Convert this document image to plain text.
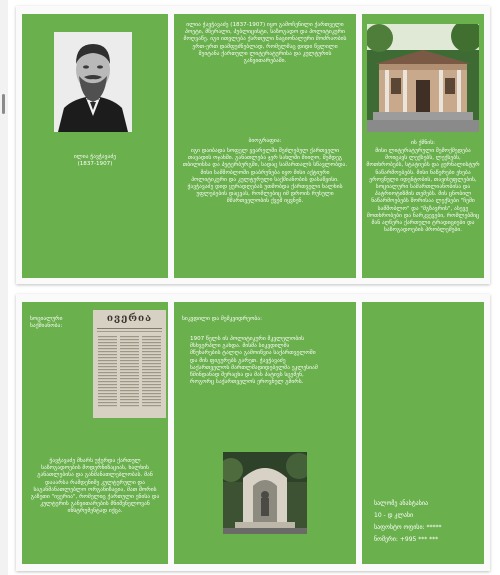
ილია ჭავჭავაძე
(1837-1907)
ილია ჭავჭავაძე (1837-1907) იყო გამოჩენილი ქართველი პოეტი, მწერალი, პუბლიცისტი, საზოგადო და პოლიტიკური მოღვაწე. იგი ითვლება ქართული ნაციონალური მოძრაობის ერთ-ერთ დამფუძნებლად, რომელმაც დიდი წვლილი შეიტანა ქართული ლიტერატურისა და კულტურის განვითარებაში.
ბიოგრაფია:
იგი დაიბადა სოფელ ყვარელში შეძლებულ ქართველი თავადის ოჯახში. განათლება ჯერ სახლში მიიღო, შემდეგ თბილისსა და პეტერბურგში, სადაც სამართალს სწავლობდა. მისი სამშობლოში დაბრუნება იყო მისი აქტიური პოლიტიკური და კულტურული საქმიანობის დასაწყისი. ჭავჭავაძე დიდ ყურადღებას უთმობდა ქართველი ხალხის უფლებების დაცვას, რომლებიც იმ დროის რუსული მმართველობის ქვეშ იყვნენ.
ის ქმნის:
მისი ლიტერატურული შემოქმედება მოიცავს ლექსებს, ლექსებს, მოთხრობებს, სტატიებს და ჟურნალისტურ ნაწარმოებებს. მისი ნაწერები ეხება ეროვნული იდენტობის, თავისუფლების, სოციალური სამართლიანობისა და პატრიოტიზმის თემებს. მის ცნობილ ნაწარმოებებს შორისაა ლექსები "ჩემი სამშობლო" და "მგზავრის", ასევე მოთხრობები და ნარკვევები, რომლებშიც მან აღწერა ქართული ტრადიციები და საზოგადოების პრობლემები.
სოციალური საქმიანობა:
ივერია
ჭავჭავაძე მხარს უჭერდა ქართულ საზოგადოების მოდერნიზაციას, ხალხის განათლებისა და განმანათლებლობას. მან დააარსა რამდენიმე კულტურული და საგანმანათლებლო ორგანიზაცია, მათ შორის გაზეთი "ივერია", რომელიც ქართული ენისა და კულტურის განვითარების მნიშვნელოვან ინსტრუმენტად იქცა.
სიკვდილი და მემკვიდრეობა:
1907 წელს ის პოლიტიკური მკვლელობის მსხვერპლი გახდა. მისმა სიკვდილმა მწუხარების ტალღა გამოიწვია საქართველოში და მის ფიგურებს გარეთ. ჭავჭავაძე საქართველოს მართლმადიდებელმა ეკლესიამ წმინდანად შერაცხა და მას პატივს სცემენ, როგორც საქართველოს ეროვნულ გმირს.
სალომე ანასტასია
10 - დ კლასი
საფოსტო ოფისი: *****
ნომერი: +995 *** ***
